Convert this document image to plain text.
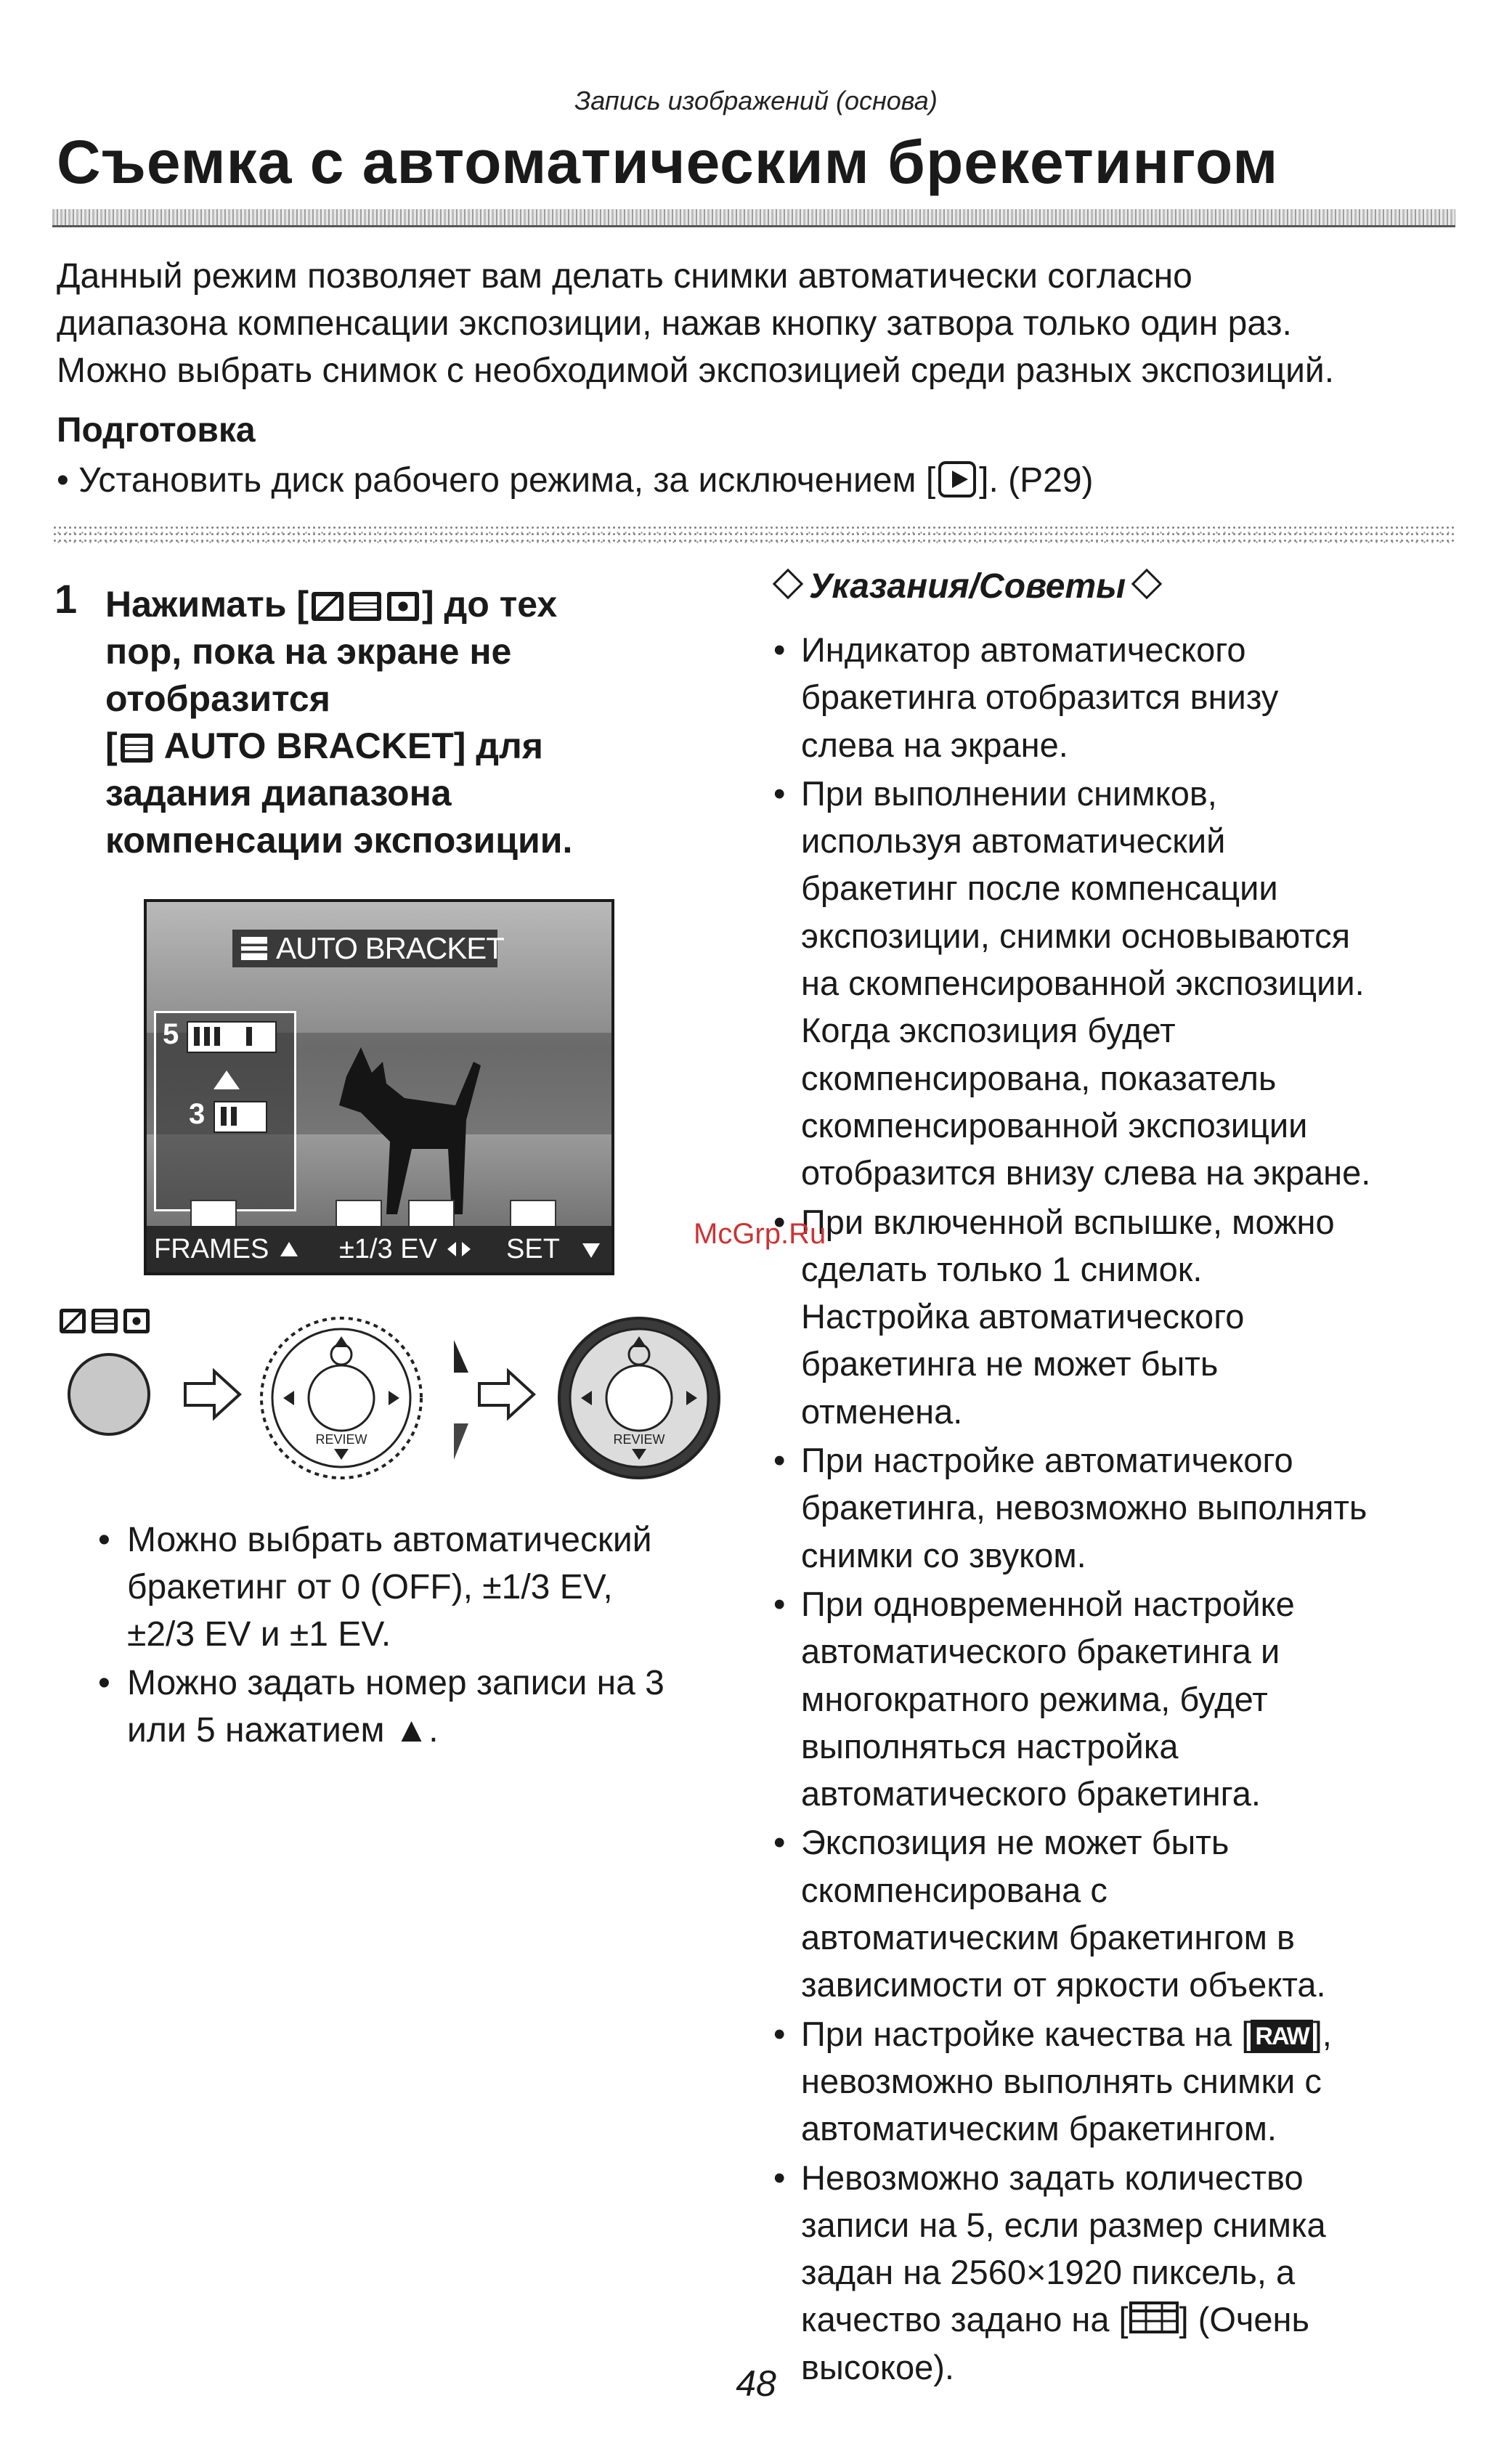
Запись изображений (основа)
Съемка с автоматическим брекетингом

Данный режим позволяет вам делать снимки автоматически согласно

диапазона компенсации экспозиции, нажав кнопку затвора только один раз.

Можно выбрать снимок с необходимой экспозицией среди разных экспозиций.

Подготовка
• Установить диск рабочего режима, за исключением [ ]. (P29)
1 Нажимать [	] до тех
пор, пока на экране не
отобразится
[ AUTO BRACKET] для
задания диапазона
компенсации экспозиции.
AUTO BRACKET
5
3
FRAMES	±1/3 EV	SET
REVIEW	REVIEW
• Можно выбрать автоматический
бракетинг от 0 (OFF), ±1/3 EV,
±2/3 EV и ±1 EV.
• Можно задать номер записи на 3
или 5 нажатием ▲.
Указания/Советы
• Индикатор автоматического
бракетинга отобразится внизу
слева на экране.
• При выполнении снимков,
используя автоматический
бракетинг после компенсации
экспозиции, снимки основываются
на скомпенсированной экспозиции.
Когда экспозиция будет
скомпенсирована, показатель
скомпенсированной экспозиции
отобразится внизу слева на экране.
• При включенной вспышке, можно
сделать только 1 снимок.
Настройка автоматического
бракетинга не может быть
отменена.
• При настройке автоматичекого
бракетинга, невозможно выполнять
снимки со звуком.
• При одновременной настройке
автоматического бракетинга и
многократного режима, будет
выполняться настройка
автоматического бракетинга.
• Экспозиция не может быть
скомпенсирована с
автоматическим бракетингом в
зависимости от яркости объекта.
• При настройке качества на [ RAW ],
невозможно выполнять снимки с
автоматическим бракетингом.
• Невозможно задать количество
записи на 5, если размер снимка
задан на 2560×1920 пиксель, а
качество задано на [ ] (Очень
высокое).
McGrp.Ru
48
